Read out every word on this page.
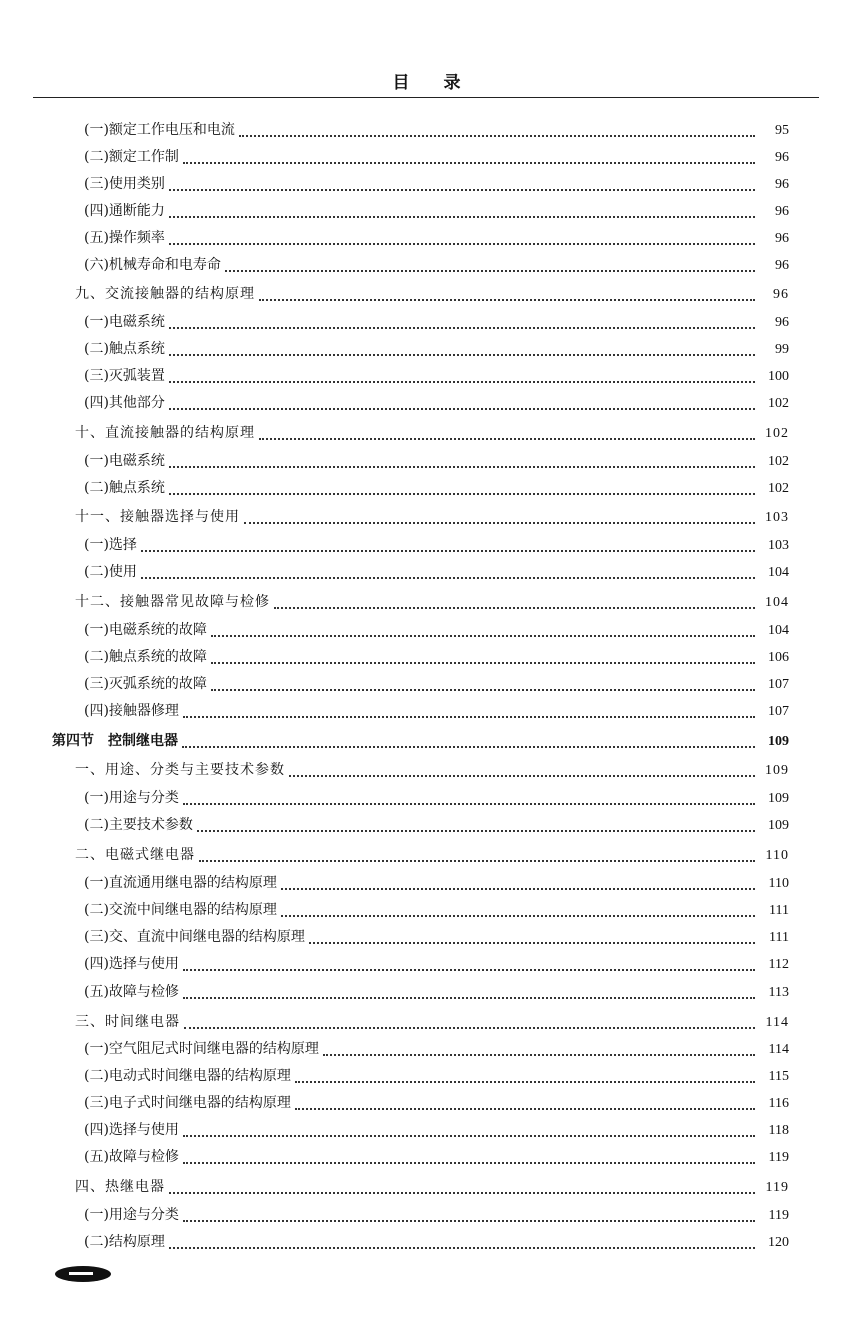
目　　录
(一)额定工作电压和电流	95
(二)额定工作制	96
(三)使用类别	96
(四)通断能力	96
(五)操作频率	96
(六)机械寿命和电寿命	96
九、交流接触器的结构原理	96
(一)电磁系统	96
(二)触点系统	99
(三)灭弧装置	100
(四)其他部分	102
十、直流接触器的结构原理	102
(一)电磁系统	102
(二)触点系统	102
十一、接触器选择与使用	103
(一)选择	103
(二)使用	104
十二、接触器常见故障与检修	104
(一)电磁系统的故障	104
(二)触点系统的故障	106
(三)灭弧系统的故障	107
(四)接触器修理	107
第四节　控制继电器	109
一、用途、分类与主要技术参数	109
(一)用途与分类	109
(二)主要技术参数	109
二、电磁式继电器	110
(一)直流通用继电器的结构原理	110
(二)交流中间继电器的结构原理	111
(三)交、直流中间继电器的结构原理	111
(四)选择与使用	112
(五)故障与检修	113
三、时间继电器	114
(一)空气阻尼式时间继电器的结构原理	114
(二)电动式时间继电器的结构原理	115
(三)电子式时间继电器的结构原理	116
(四)选择与使用	118
(五)故障与检修	119
四、热继电器	119
(一)用途与分类	119
(二)结构原理	120
